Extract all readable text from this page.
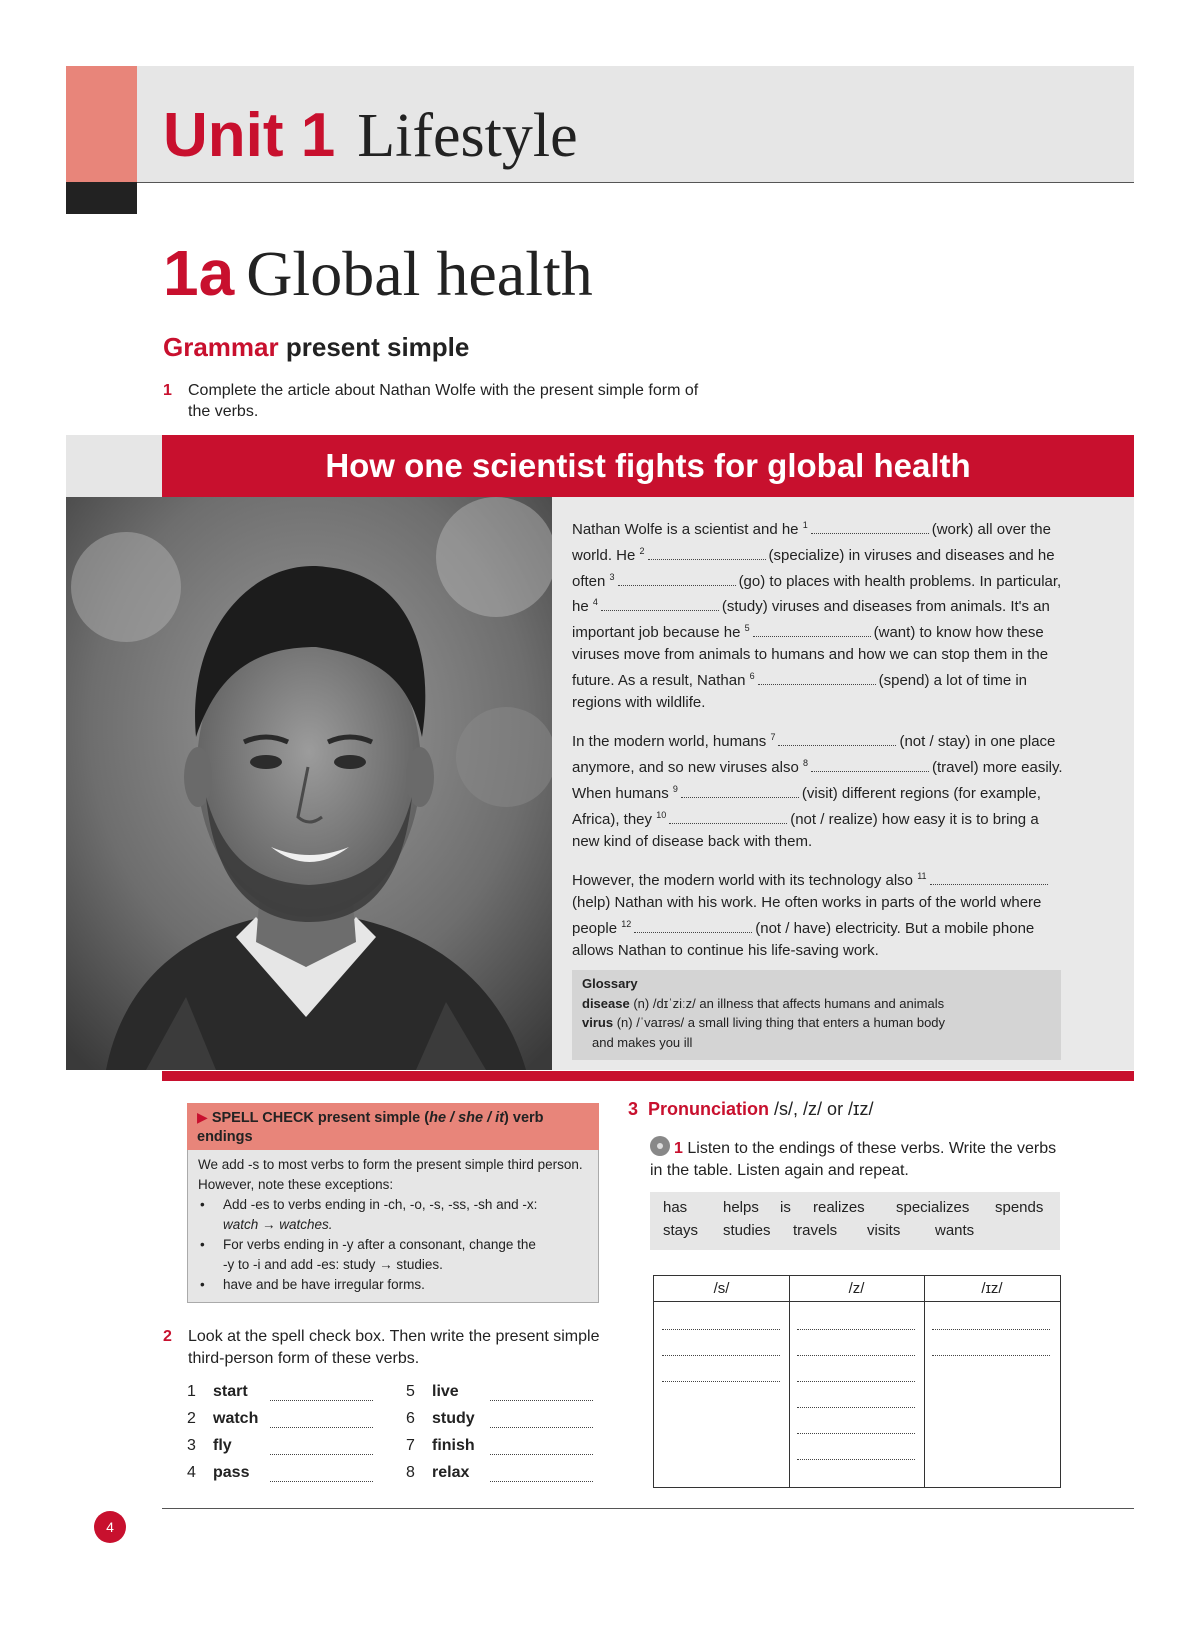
Unit 1 Lifestyle
1a Global health
Grammar present simple
1 Complete the article about Nathan Wolfe with the present simple form of the verbs.
How one scientist fights for global health

Nathan Wolfe is a scientist and he $^1$	(work) all over the world. He $^2$	(specialize) in viruses and diseases and he often $^3$	(go) to places with health problems. In particular, he $^4$	(study) viruses and diseases from animals. It's an important job because he $^5$	(want) to know how these viruses move from animals to humans and how we can stop them in the future. As a result, Nathan $^6$	(spend) a lot of time in regions with wildlife.

In the modern world, humans $^7$	(not / stay) in one place anymore, and so new viruses also $^8$	(travel) more easily. When humans $^9$	(visit) different regions (for example, Africa), they $^{10}$	(not / realize) how easy it is to bring a new kind of disease back with them.

However, the modern world with its technology also $^{11}$(help) Nathan with his work. He often works in parts of the world where people $^{12}$	(not / have) electricity. But a mobile phone allows Nathan to continue his life-saving work.

Glossary
disease (n) /dɪˈziːz/ an illness that affects humans and animals
virus (n) /ˈvaɪrəs/ a small living thing that enters a human body
and makes you ill
▶ SPELL CHECK present simple (he / she / it) verb endings
We add -s to most verbs to form the present simple third person. However, note these exceptions:
• Add -es to verbs ending in -ch, -o, -s, -ss, -sh and -x:
watch → watches.
• For verbs ending in -y after a consonant, change the
-y to -i and add -es: study → studies.
• have and be have irregular forms.
2 Look at the spell check box. Then write the present simple third-person form of these verbs.
1 start
2 watch
3 fly
4 pass
5 live
6 study
7 finish
8 relax
3 Pronunciation /s/, /z/ or /ɪz/
1 Listen to the endings of these verbs. Write the verbs in the table. Listen again and repeat.
has helps is realizes specializes spends
stays studies travels visits wants
/s/	/z/	/ɪz/
4
